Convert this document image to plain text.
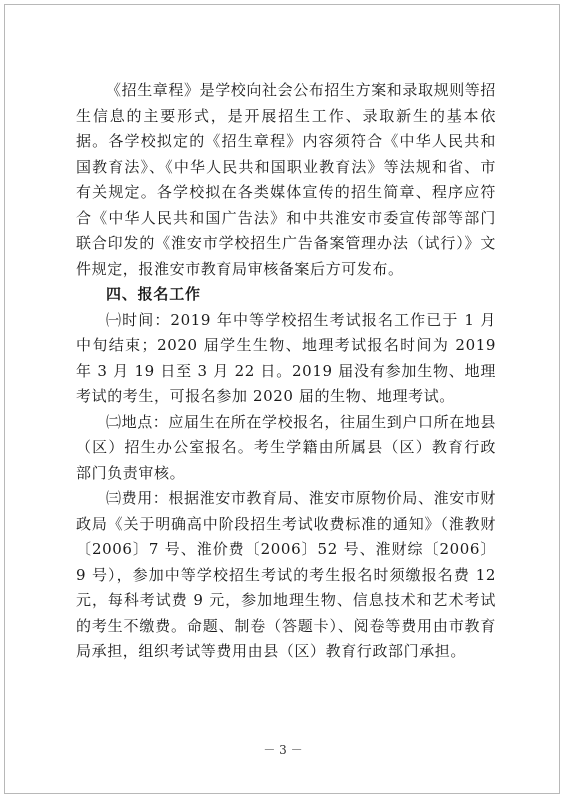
《招生章程》是学校向社会公布招生方案和录取规则等招生信息的主要形式，是开展招生工作、录取新生的基本依据。各学校拟定的《招生章程》内容须符合《中华人民共和国教育法》、《中华人民共和国职业教育法》等法规和省、市有关规定。各学校拟在各类媒体宣传的招生简章、程序应符合《中华人民共和国广告法》和中共淮安市委宣传部等部门联合印发的《淮安市学校招生广告备案管理办法（试行）》文件规定，报淮安市教育局审核备案后方可发布。

四、报名工作

㈠时间：2019 年中等学校招生考试报名工作已于 1 月中旬结束；2020 届学生生物、地理考试报名时间为 2019 年 3 月 19 日至 3 月 22 日。2019 届没有参加生物、地理考试的考生，可报名参加 2020 届的生物、地理考试。

㈡地点：应届生在所在学校报名，往届生到户口所在地县（区）招生办公室报名。考生学籍由所属县（区）教育行政部门负责审核。

㈢费用：根据淮安市教育局、淮安市原物价局、淮安市财政局《关于明确高中阶段招生考试收费标准的通知》（淮教财〔2006〕7 号、淮价费〔2006〕52 号、淮财综〔2006〕9 号），参加中等学校招生考试的考生报名时须缴报名费 12 元，每科考试费 9 元，参加地理生物、信息技术和艺术考试的考生不缴费。命题、制卷（答题卡）、阅卷等费用由市教育局承担，组织考试等费用由县（区）教育行政部门承担。

－ 3 －
